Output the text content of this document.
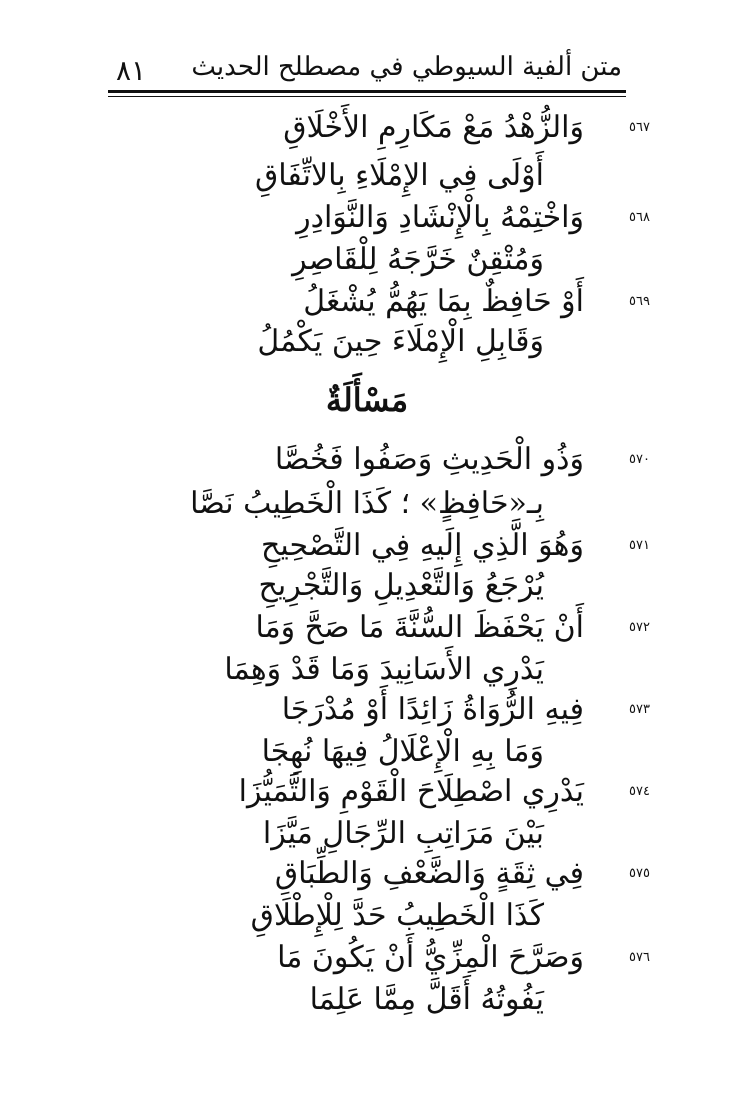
٨١ متن ألفية السيوطي في مصطلح الحديث
٥٦٧
وَالزُّهْدُ مَعْ مَكَارِمِ الأَخْلَاقِ
أَوْلَى فِي الإِمْلَاءِ بِالاتِّفَاقِ
٥٦٨
وَاخْتِمْهُ بِالْإِنْشَادِ وَالنَّوَادِرِ
وَمُتْقِنٌ خَرَّجَهُ لِلْقَاصِرِ
٥٦٩
أَوْ حَافِظٌ بِمَا يَهُمُّ يُشْغَلُ
وَقَابِلِ الْإِمْلَاءَ حِينَ يَكْمُلُ
مَسْأَلَةٌ
٥٧٠
وَذُو الْحَدِيثِ وَصَفُوا فَخُصَّا
بِـ«حَافِظٍ» ؛ كَذَا الْخَطِيبُ نَصَّا
٥٧١
وَهُوَ الَّذِي إِلَيهِ فِي التَّصْحِيحِ
يُرْجَعُ وَالتَّعْدِيلِ وَالتَّجْرِيحِ
٥٧٢
أَنْ يَحْفَظَ السُّنَّةَ مَا صَحَّ وَمَا
يَدْرِي الأَسَانِيدَ وَمَا قَدْ وَهِمَا
٥٧٣
فِيهِ الرُّوَاةُ زَائِدًا أَوْ مُدْرَجَا
وَمَا بِهِ الْإِعْلَالُ فِيهَا نُهِجَا
٥٧٤
يَدْرِي اصْطِلَاحَ الْقَوْمِ وَالتَّمَيُّزَا
بَيْنَ مَرَاتِبِ الرِّجَالِ مَيَّزَا
٥٧٥
فِي ثِقَةٍ وَالضَّعْفِ وَالطِّبَاقِ
كَذَا الْخَطِيبُ حَدَّ لِلْإِطْلَاقِ
٥٧٦
وَصَرَّحَ الْمِزِّيُّ أَنْ يَكُونَ مَا
يَفُوتُهُ أَقَلَّ مِمَّا عَلِمَا
